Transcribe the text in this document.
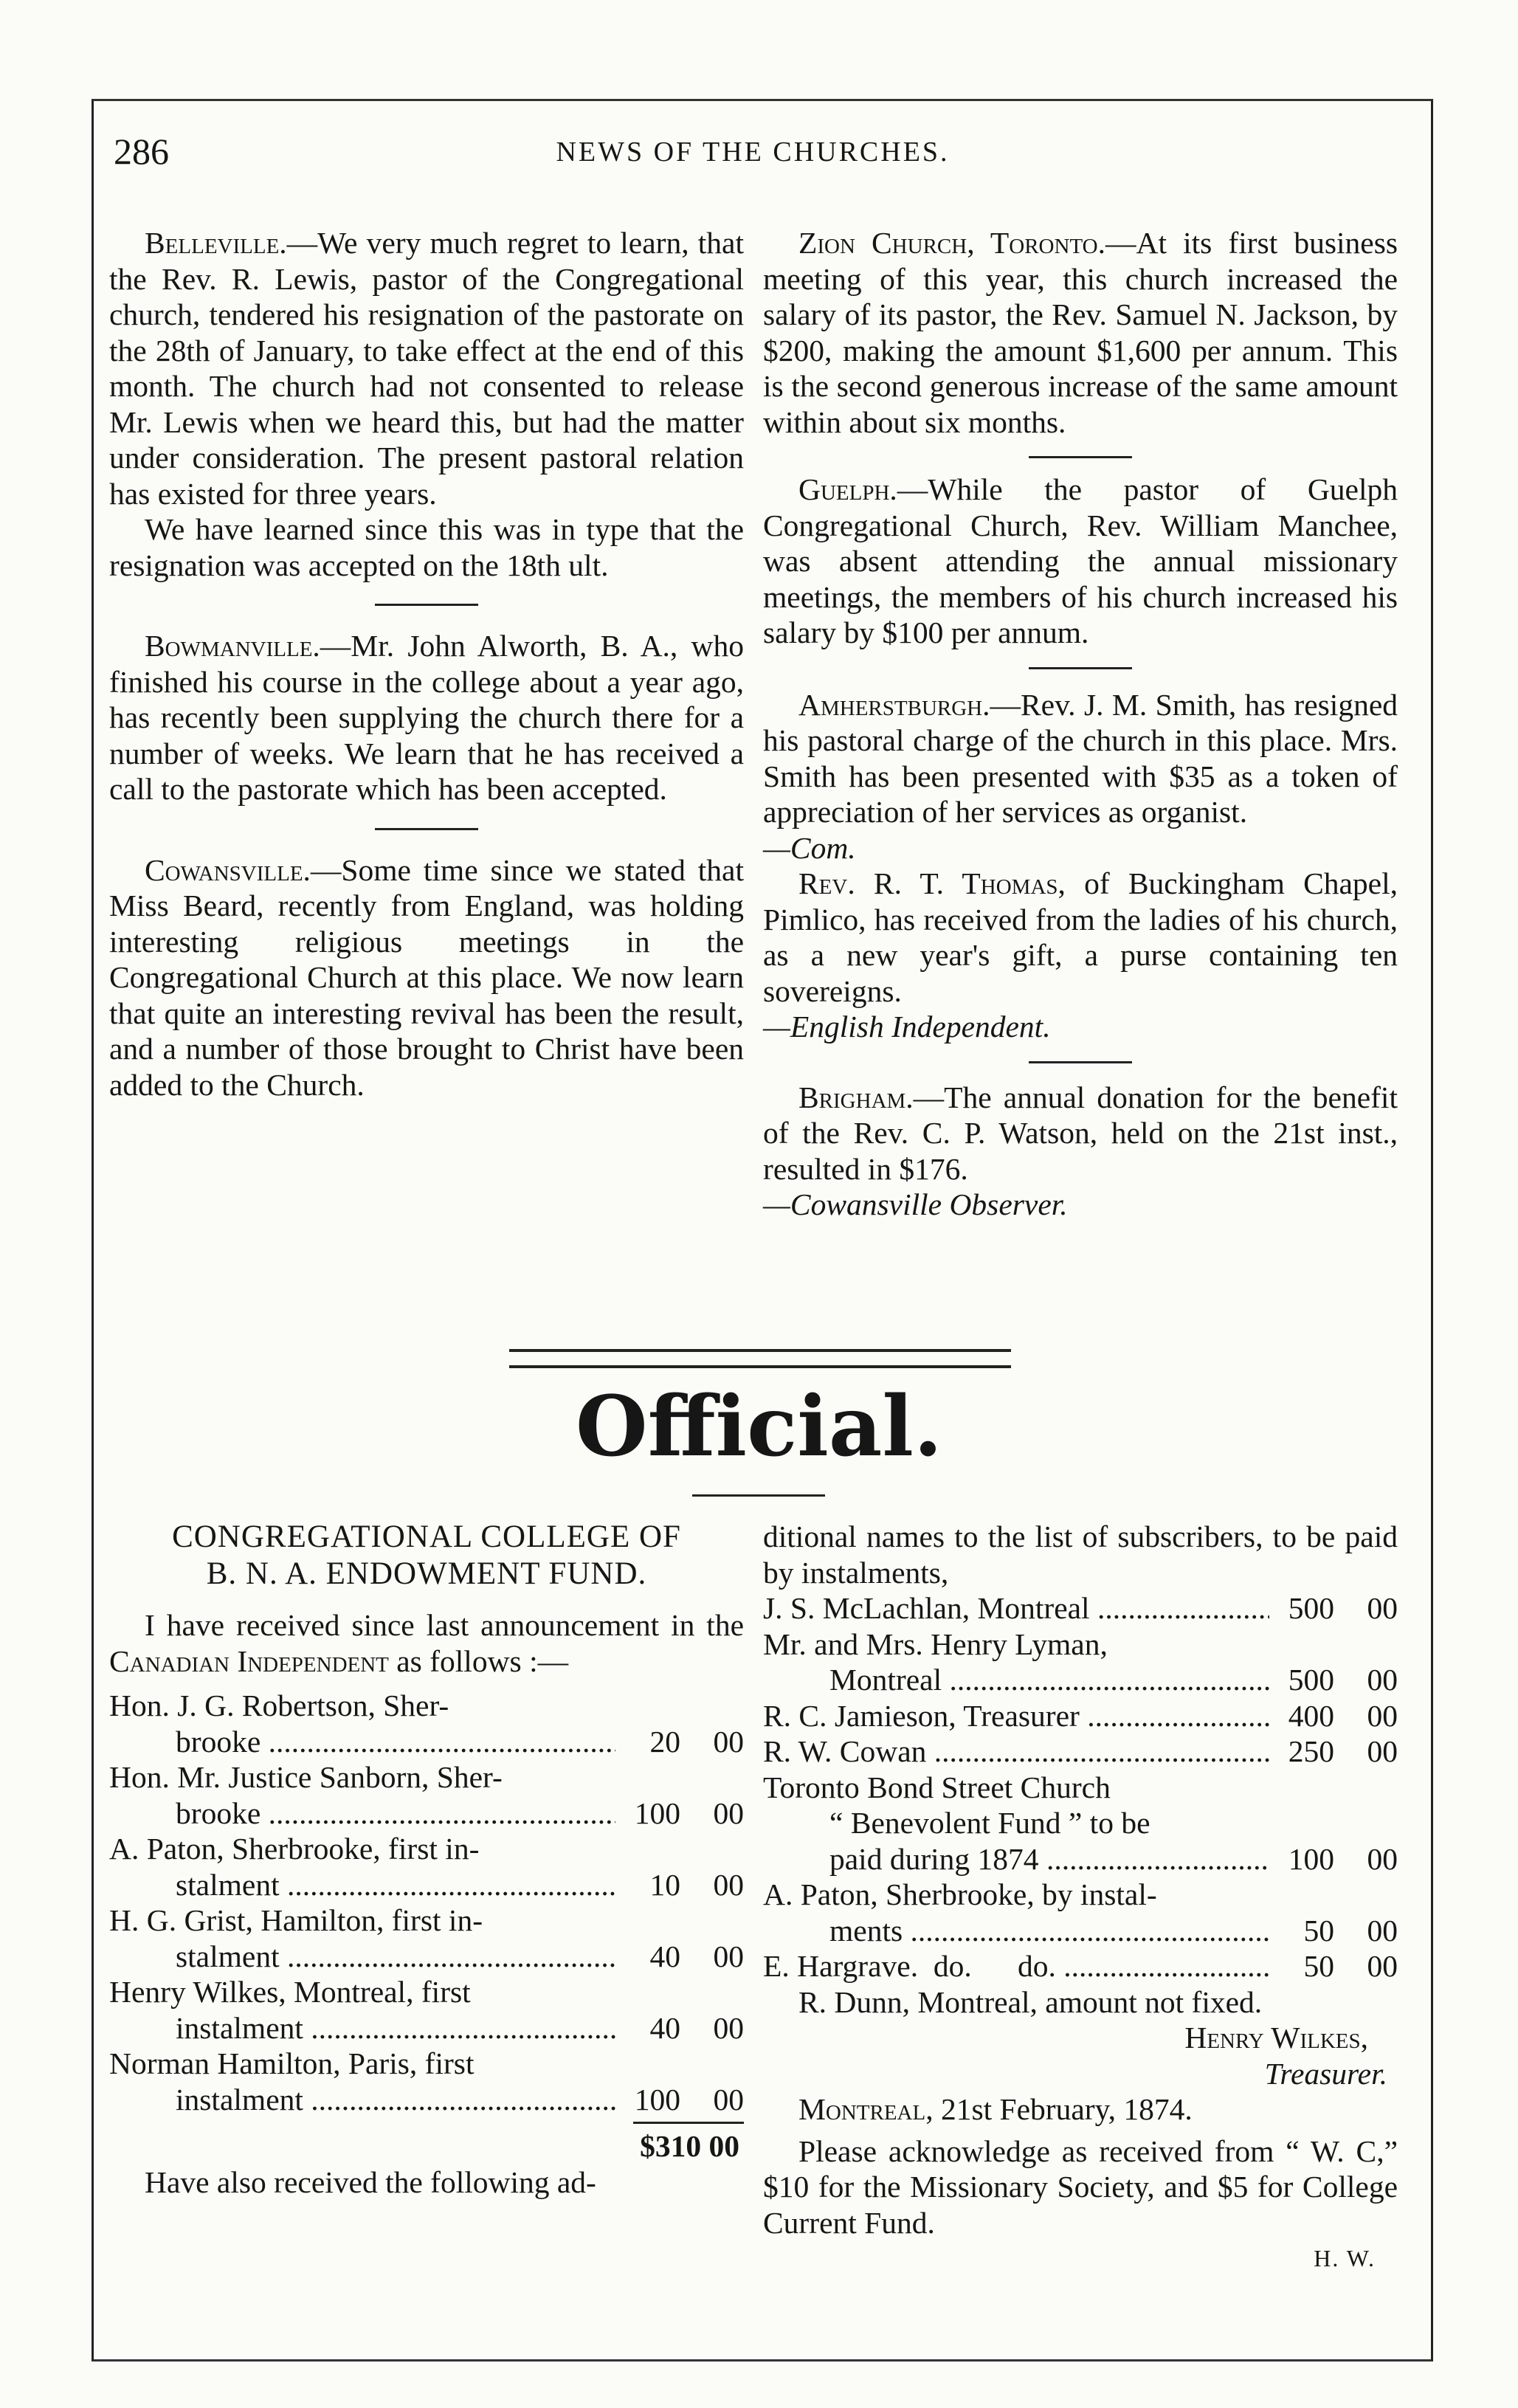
286	NEWS OF THE CHURCHES.

Belleville.—We very much regret to learn, that the Rev. R. Lewis, pastor of the Congregational church, tendered his resignation of the pastorate on the 28th of January, to take effect at the end of this month. The church had not consented to release Mr. Lewis when we heard this, but had the matter under consideration. The present pastoral relation has existed for three years.

We have learned since this was in type that the resignation was accepted on the 18th ult.

Bowmanville.—Mr. John Alworth, B. A., who finished his course in the college about a year ago, has recently been supplying the church there for a number of weeks. We learn that he has received a call to the pastorate which has been accepted.

Cowansville.—Some time since we stated that Miss Beard, recently from England, was holding interesting religious meetings in the Congregational Church at this place. We now learn that quite an interesting revival has been the result, and a number of those brought to Christ have been added to the Church.

Zion Church, Toronto.—At its first business meeting of this year, this church increased the salary of its pastor, the Rev. Samuel N. Jackson, by $200, making the amount $1,600 per annum. This is the second generous increase of the same amount within about six months.

Guelph.—While the pastor of Guelph Congregational Church, Rev. William Manchee, was absent attending the annual missionary meetings, the members of his church increased his salary by $100 per annum.

Amherstburgh.—Rev. J. M. Smith, has resigned his pastoral charge of the church in this place. Mrs. Smith has been presented with $35 as a token of appreciation of her services as organist.

—Com.

Rev. R. T. Thomas, of Buckingham Chapel, Pimlico, has received from the ladies of his church, as a new year's gift, a purse containing ten sovereigns.

—English Independent.

Brigham.—The annual donation for the benefit of the Rev. C. P. Watson, held on the 21st inst., resulted in $176.

—Cowansville Observer.

Official.
CONGREGATIONAL COLLEGE OF
B. N. A. ENDOWMENT FUND.

I have received since last announcement in the Canadian Independent as follows :—

Hon. J. G. Robertson, Sher-
brooke .....	20 00
Hon. Mr. Justice Sanborn, Sher-
brooke .....	100 00
A. Paton, Sherbrooke, first in-
stalment .....	10 00
H. G. Grist, Hamilton, first in-
stalment .....	40 00
Henry Wilkes, Montreal, first
instalment .....	40 00
Norman Hamilton, Paris, first
instalment .....	100 00
$310 00

Have also received the following ad-

ditional names to the list of subscribers, to be paid by instalments,

J. S. McLachlan, Montreal .....	500 00
Mr. and Mrs. Henry Lyman,
Montreal .....	500 00
R. C. Jamieson, Treasurer .....	400 00
R. W. Cowan .....	250 00
Toronto Bond Street Church
“ Benevolent Fund ” to be
paid during 1874 .....	100 00
A. Paton, Sherbrooke, by instal-
ments .....	50 00
E. Hargrave.  do.      do. .....	50 00

R. Dunn, Montreal, amount not fixed.

Henry Wilkes,
Treasurer.

Montreal, 21st February, 1874.

Please acknowledge as received from “ W. C,” $10 for the Missionary Society, and $5 for College Current Fund.

H. W.
